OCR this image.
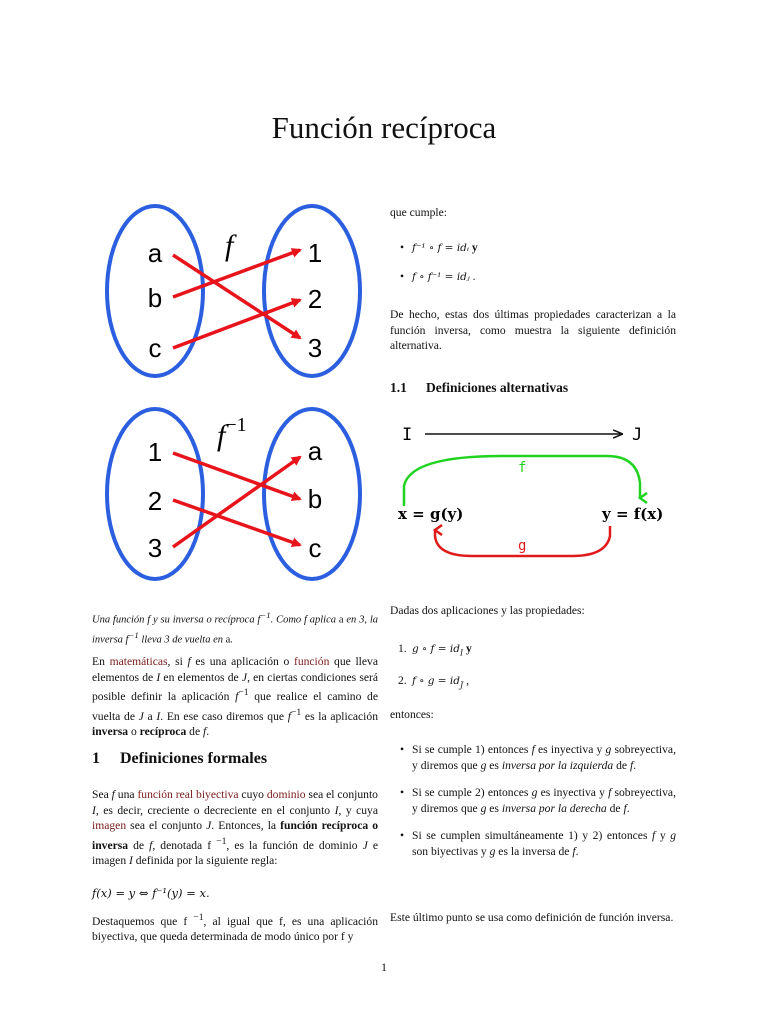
Función recíproca
a
b
c
1
2
3
f
1
2
3
a
b
c
$f^{-1}$

Una función f y su inversa o recíproca $f^{-1}$. Como f aplica a en 3, la inversa $f^{-1}$ lleva 3 de vuelta en a.

En matemáticas, si f es una aplicación o función que lleva elementos de I en elementos de J, en ciertas condiciones será posible definir la aplicación $f^{-1}$ que realice el camino de vuelta de J a I. En ese caso diremos que $f^{-1}$ es la aplicación inversa o recíproca de f.

1 Definiciones formales

Sea f una función real biyectiva cuyo dominio sea el conjunto I, es decir, creciente o decreciente en el conjunto I, y cuya imagen sea el conjunto J. Entonces, la función recíproca o inversa de f, denotada f $^{-1}$, es la función de dominio J e imagen I definida por la siguiente regla:

f(x) = y ⇔ f⁻¹(y) = x.

Destaquemos que f $^{-1}$, al igual que f, es una aplicación biyectiva, que queda determinada de modo único por f y

que cumple:

• f⁻¹ ∘ f = idᵢ y
• f ∘ f⁻¹ = idⱼ .

De hecho, estas dos últimas propiedades caracterizan a la función inversa, como muestra la siguiente definición alternativa.

1.1 Definiciones alternativas

I	J
f
x = g(y)	y = f(x)
g

Dadas dos aplicaciones y las propiedades:

1. g ∘ $f = id_I$ y
2. f ∘ $g = id_J$ ,

entonces:

• Si se cumple 1) entonces f es inyectiva y g sobreyectiva, y diremos que g es inversa por la izquierda de f.

• Si se cumple 2) entonces g es inyectiva y f sobreyectiva, y diremos que g es inversa por la derecha de f.

• Si se cumplen simultáneamente 1) y 2) entonces f y g son biyectivas y g es la inversa de f.

Este último punto se usa como definición de función inversa.

1
